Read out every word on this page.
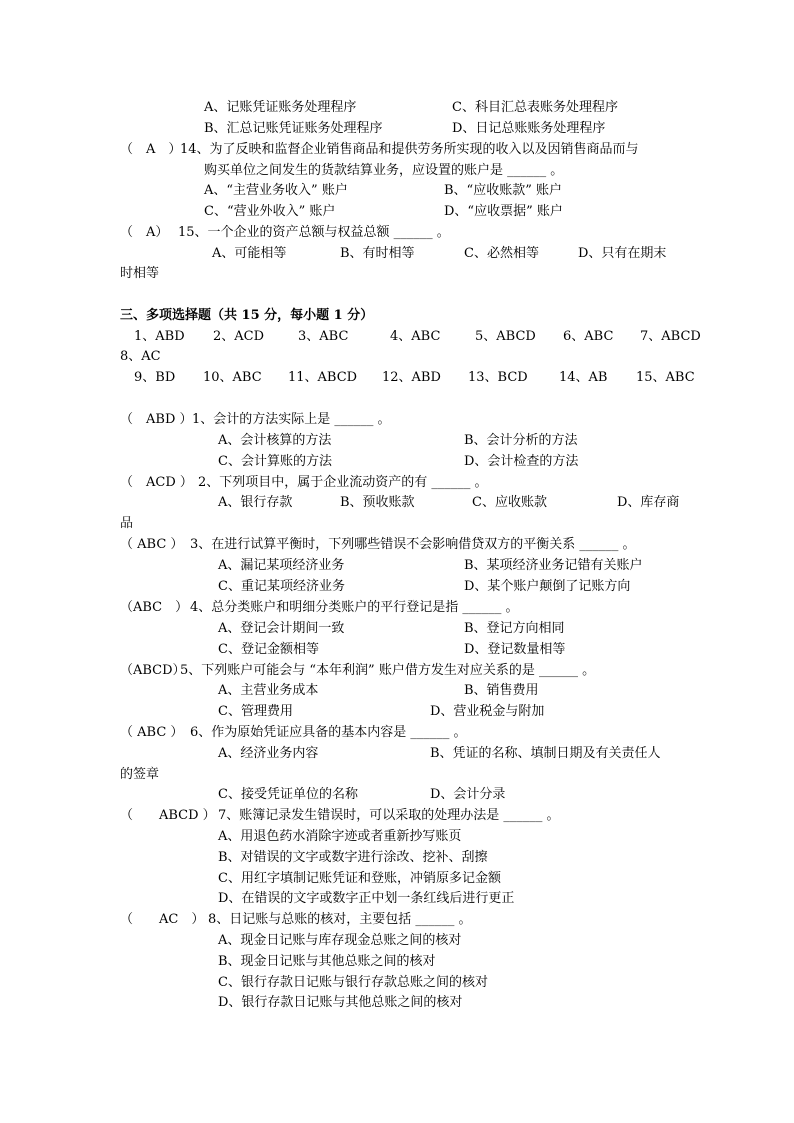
A、记账凭证账务处理程序	C、科目汇总表账务处理程序
B、汇总记账凭证账务处理程序	D、日记总账账务处理程序
（　A　）
14、为了反映和监督企业销售商品和提供劳务所实现的收入以及因销售商品而与
购买单位之间发生的货款结算业务，应设置的账户是 ______ 。
A、“主营业务收入” 账户	B、“应收账款” 账户
C、“营业外收入” 账户	D、“应收票据” 账户
（　A） 15、一个企业的资产总额与权益总额 ______ 。
A、可能相等	B、有时相等	C、必然相等	D、只有在期末
时相等
三、多项选择题（共 15 分，每小题 1 分）
1、ABD 2、ACD	3、ABC	4、ABC	5、ABCD 6、ABC 7、ABCD
8、AC
9、BD 10、ABC 11、ABCD 12、ABD 13、BCD 14、AB 15、ABC
（　ABD ） 1、会计的方法实际上是 ______ 。
A、会计核算的方法	B、会计分析的方法
C、会计算账的方法	D、会计检查的方法
（　ACD ） 2、下列项目中，属于企业流动资产的有 ______ 。
A、银行存款	B、预收账款	C、应收账款	D、库存商
品
（ ABC ） 3、在进行试算平衡时，下列哪些错误不会影响借贷双方的平衡关系 ______ 。
A、漏记某项经济业务	B、某项经济业务记错有关账户
C、重记某项经济业务	D、某个账户颠倒了记账方向
（ABC　） 4、总分类账户和明细分类账户的平行登记是指 ______ 。
A、登记会计期间一致	B、登记方向相同
C、登记金额相等	D、登记数量相等
（ABCD）
5、下列账户可能会与 “本年利润” 账户借方发生对应关系的是 ______ 。
A、主营业务成本	B、销售费用
C、管理费用	D、营业税金与附加
（ ABC ） 6、作为原始凭证应具备的基本内容是 ______ 。
A、经济业务内容	B、凭证的名称、填制日期及有关责任人
的签章
C、接受凭证单位的名称	D、会计分录
（　　ABCD ） 7、账簿记录发生错误时，可以采取的处理办法是 ______ 。
A、用退色药水消除字迹或者重新抄写账页
B、对错误的文字或数字进行涂改、挖补、刮擦
C、用红字填制记账凭证和登账，冲销原多记金额
D、在错误的文字或数字正中划一条红线后进行更正
（　　AC　） 8、日记账与总账的核对，主要包括 ______ 。
A、现金日记账与库存现金总账之间的核对
B、现金日记账与其他总账之间的核对
C、银行存款日记账与银行存款总账之间的核对
D、银行存款日记账与其他总账之间的核对
